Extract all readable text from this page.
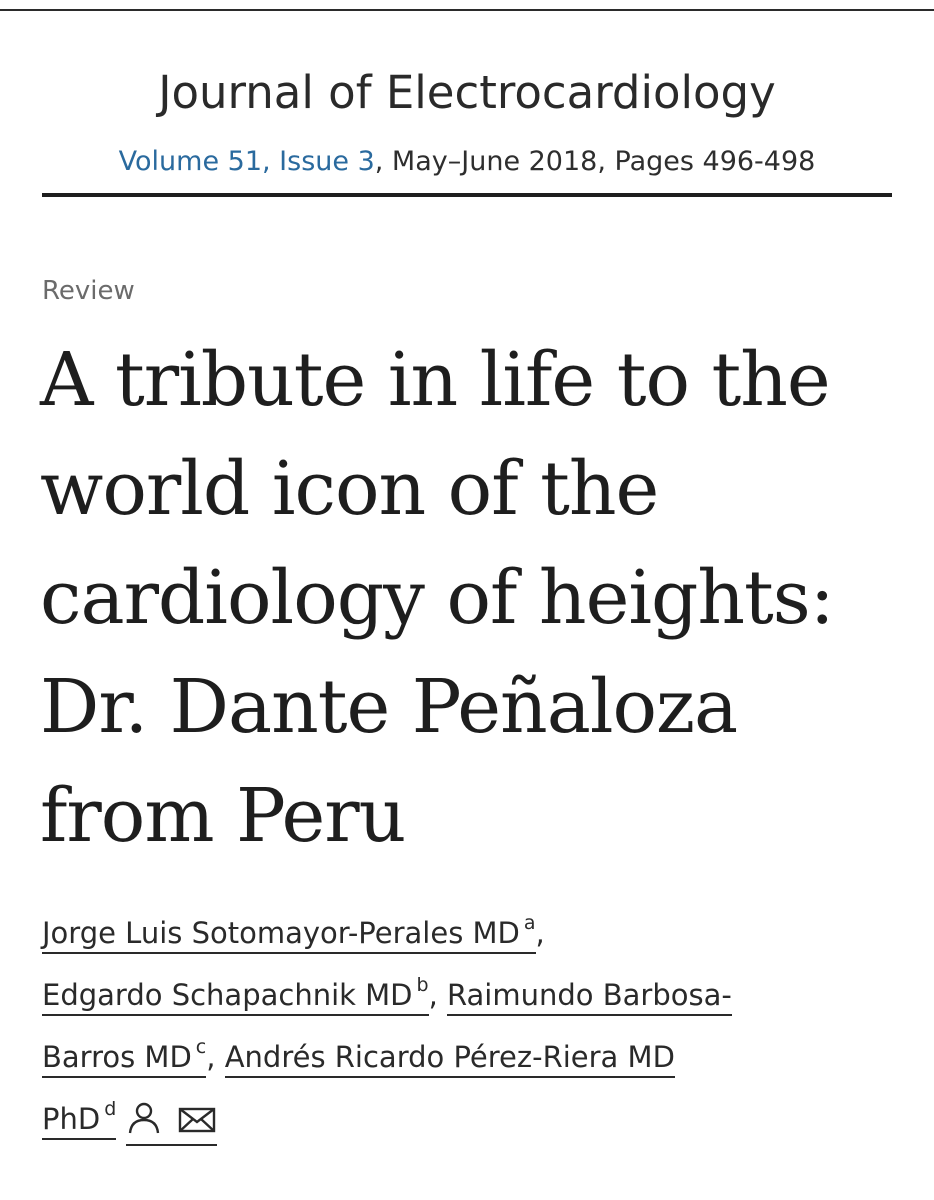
Journal of Electrocardiology
Volume 51, Issue 3, May–June 2018, Pages 496-498
Review
A tribute in life to the
world icon of the
cardiology of heights:
Dr. Dante Peñaloza
from Peru
Jorge Luis Sotomayor-Perales MD $^a$,
Edgardo Schapachnik MD $^b$, Raimundo Barbosa-
Barros MD $^c$, Andrés Ricardo Pérez-Riera MD
PhD $^d$
